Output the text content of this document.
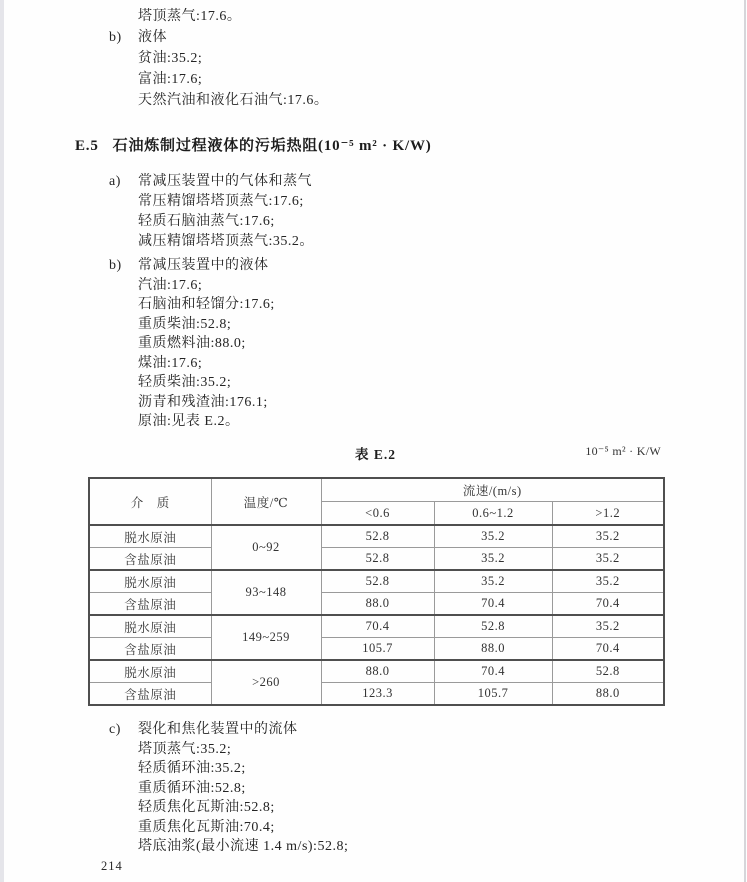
塔顶蒸气:17.6。
b) 液体
贫油:35.2;
富油:17.6;
天然汽油和液化石油气:17.6。
E.5 石油炼制过程液体的污垢热阻(10⁻⁵ m² · K/W)
a) 常减压装置中的气体和蒸气
常压精馏塔塔顶蒸气:17.6;
轻质石脑油蒸气:17.6;
减压精馏塔塔顶蒸气:35.2。
b) 常减压装置中的液体
汽油:17.6;
石脑油和轻馏分:17.6;
重质柴油:52.8;
重质燃料油:88.0;
煤油:17.6;
轻质柴油:35.2;
沥青和残渣油:176.1;
原油:见表 E.2。
表 E.2	10⁻⁵ m² · K/W
介　质	温度/℃	流速/(m/s)		
		<0.6	0.6~1.2	>1.2
脱水原油	0~92	52.8	35.2	35.2
含盐原油		52.8	35.2	35.2
脱水原油	93~148	52.8	35.2	35.2
含盐原油		88.0	70.4	70.4
脱水原油	149~259	70.4	52.8	35.2
含盐原油		105.7	88.0	70.4
脱水原油	>260	88.0	70.4	52.8
含盐原油		123.3	105.7	88.0
c) 裂化和焦化装置中的流体
塔顶蒸气:35.2;
轻质循环油:35.2;
重质循环油:52.8;
轻质焦化瓦斯油:52.8;
重质焦化瓦斯油:70.4;
塔底油浆(最小流速 1.4 m/s):52.8;
214
